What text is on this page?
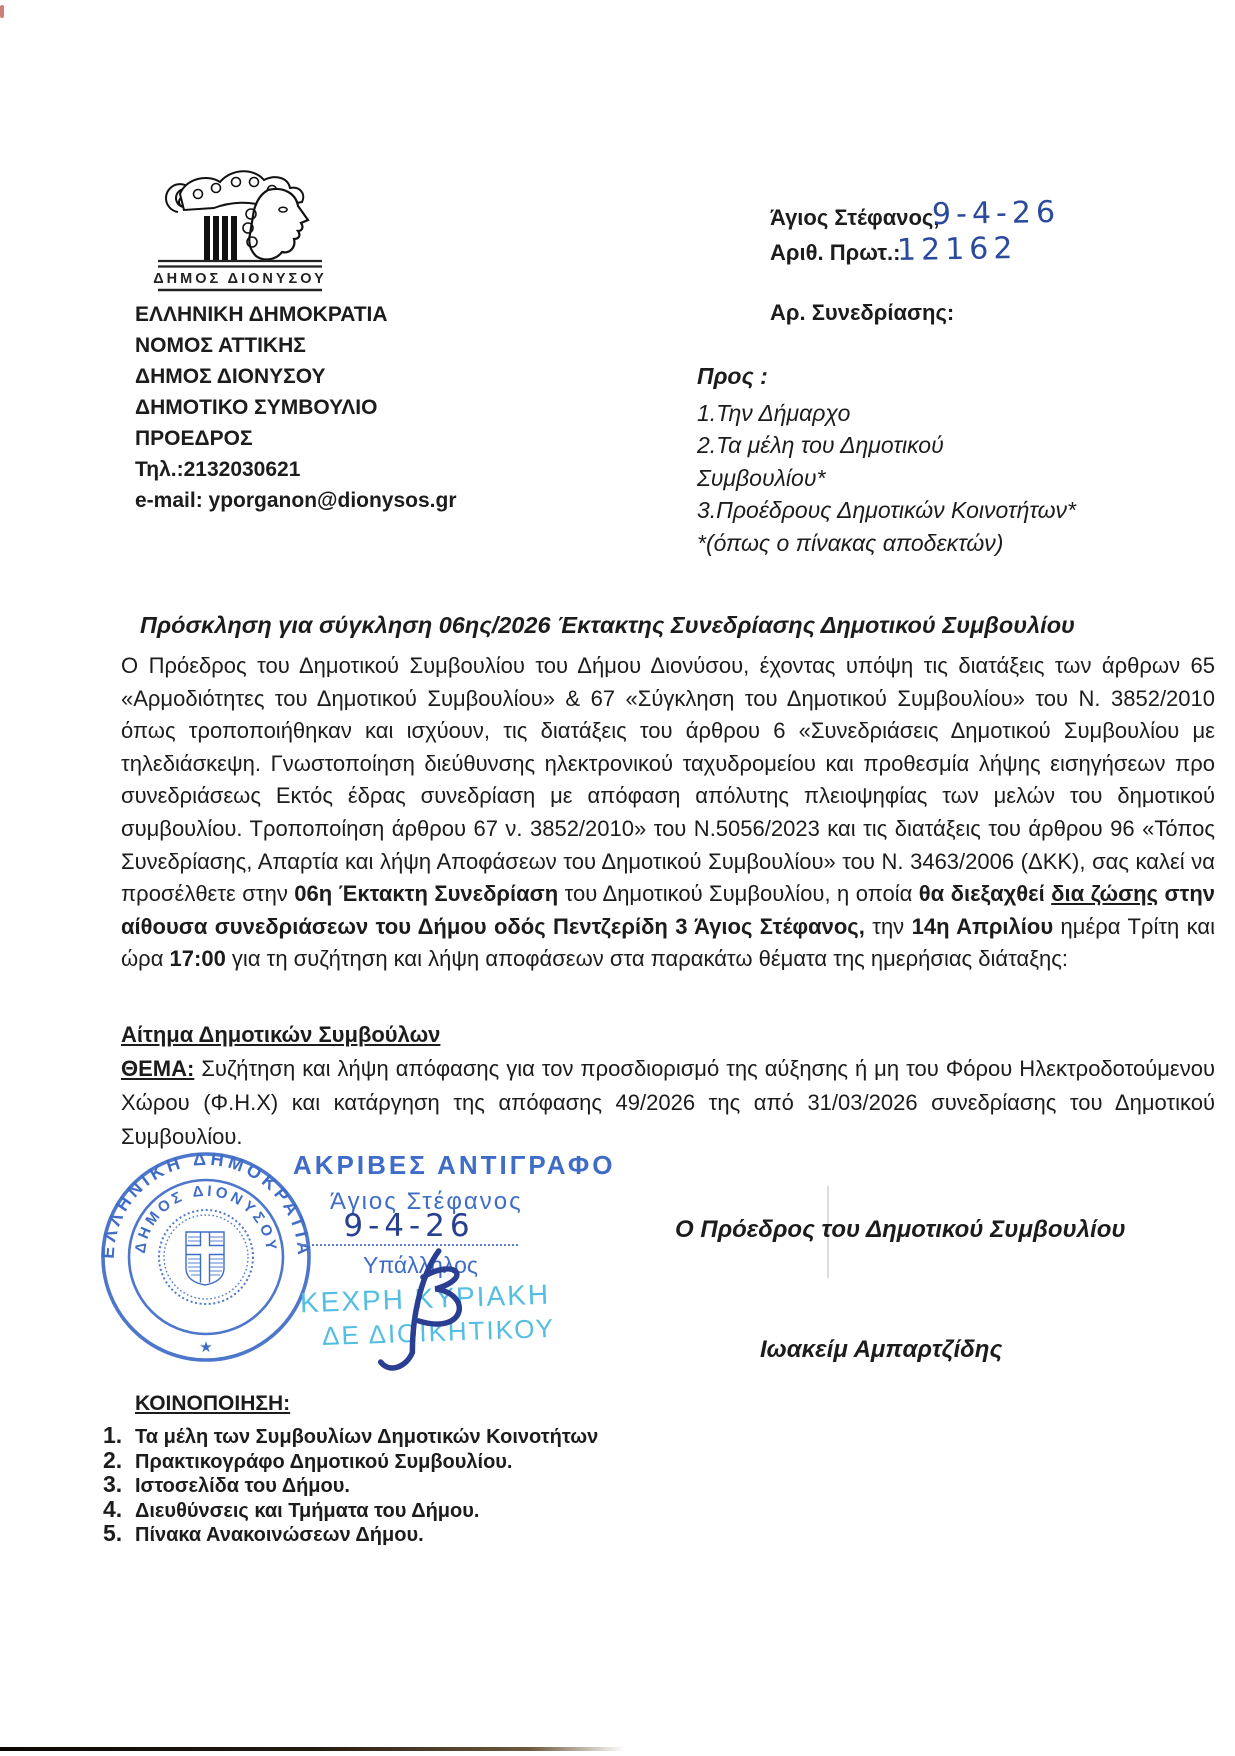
ΔΗΜΟΣ ΔΙΟΝΥΣΟΥ
ΕΛΛΗΝΙΚΗ ΔΗΜΟΚΡΑΤΙΑ
ΝΟΜΟΣ ΑΤΤΙΚΗΣ
ΔΗΜΟΣ ΔΙΟΝΥΣΟΥ
ΔΗΜΟΤΙΚΟ ΣΥΜΒΟΥΛΙΟ
ΠΡΟΕΔΡΟΣ
Τηλ.:2132030621
e-mail: yporganon@dionysos.gr
Άγιος Στέφανος,
9-4-26
Αριθ. Πρωτ.:
12162
Αρ. Συνεδρίασης:
Προς :
1.Την Δήμαρχο
2.Τα μέλη του Δημοτικού
Συμβουλίου*
3.Προέδρους Δημοτικών Κοινοτήτων*
*(όπως ο πίνακας αποδεκτών)
Πρόσκληση για σύγκληση 06ης/2026 Έκτακτης Συνεδρίασης Δημοτικού Συμβουλίου

Ο Πρόεδρος του Δημοτικού Συμβουλίου του Δήμου Διονύσου, έχοντας υπόψη τις διατάξεις των άρθρων 65 «Αρμοδιότητες του Δημοτικού Συμβουλίου» & 67 «Σύγκληση του Δημοτικού Συμβουλίου» του Ν. 3852/2010 όπως τροποποιήθηκαν και ισχύουν, τις διατάξεις του άρθρου 6 «Συνεδριάσεις Δημοτικού Συμβουλίου με τηλεδιάσκεψη. Γνωστοποίηση διεύθυνσης ηλεκτρονικού ταχυδρομείου και προθεσμία λήψης εισηγήσεων προ συνεδριάσεως Εκτός έδρας συνεδρίαση με απόφαση απόλυτης πλειοψηφίας των μελών του δημοτικού συμβουλίου. Τροποποίηση άρθρου 67 ν. 3852/2010» του Ν.5056/2023 και τις διατάξεις του άρθρου 96 «Τόπος Συνεδρίασης, Απαρτία και λήψη Αποφάσεων του Δημοτικού Συμβουλίου» του Ν. 3463/2006 (ΔΚΚ), σας καλεί να προσέλθετε στην 06η Έκτακτη Συνεδρίαση του Δημοτικού Συμβουλίου, η οποία θα διεξαχθεί δια ζώσης στην αίθουσα συνεδριάσεων του Δήμου οδός Πεντζερίδη 3 Άγιος Στέφανος, την 14η Απριλίου ημέρα Τρίτη και ώρα 17:00 για τη συζήτηση και λήψη αποφάσεων στα παρακάτω θέματα της ημερήσιας διάταξης:

Αίτημα Δημοτικών Συμβούλων

ΘΕΜΑ: Συζήτηση και λήψη απόφασης για τον προσδιορισμό της αύξησης ή μη του Φόρου Ηλεκτροδοτούμενου Χώρου (Φ.Η.Χ) και κατάργηση της απόφασης 49/2026 της από 31/03/2026 συνεδρίασης του Δημοτικού Συμβουλίου.

ΕΛΛΗΝΙΚΗ ΔΗΜΟΚΡΑΤΙΑ
ΔΗΜΟΣ ΔΙΟΝΥΣΟΥ
★
ΑΚΡΙΒΕΣ ΑΝΤΙΓΡΑΦΟ
Άγιος Στέφανος
9-4-26
Υπάλληλος
ΚΕΧΡΗ ΚΥΡΙΑΚΗ
ΔΕ ΔΙΟΙΚΗΤΙΚΟΥ
Ο Πρόεδρος του Δημοτικού Συμβουλίου
Ιωακείμ Αμπαρτζίδης
ΚΟΙΝΟΠΟΙΗΣΗ:
1. Τα μέλη των Συμβουλίων Δημοτικών Κοινοτήτων
2. Πρακτικογράφο Δημοτικού Συμβουλίου.
3. Ιστοσελίδα του Δήμου.
4. Διευθύνσεις και Τμήματα του Δήμου.
5. Πίνακα Ανακοινώσεων Δήμου.
